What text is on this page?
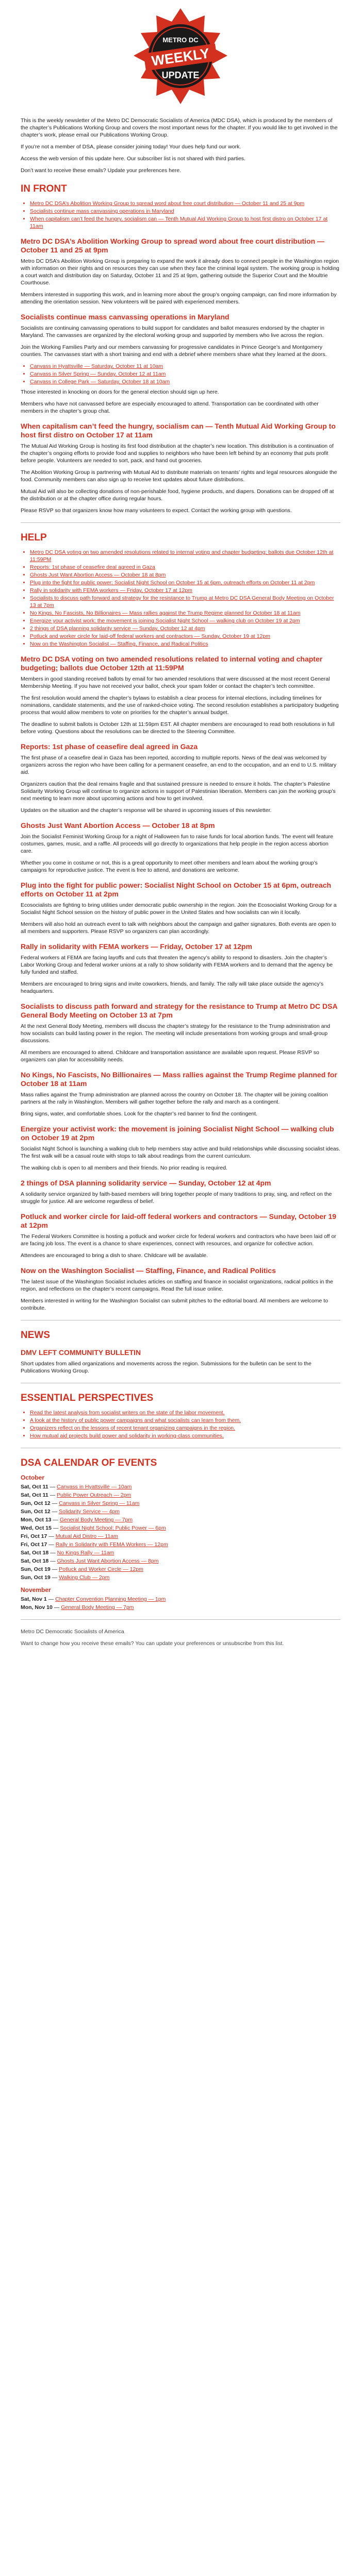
METRO DC
WEEKLY
UPDATE

This is the weekly newsletter of the Metro DC Democratic Socialists of America (MDC DSA), which is produced by the members of the chapter’s Publications Working Group and covers the most important news for the chapter. If you would like to get involved in the chapter’s work, please email our Publications Working Group.

If you’re not a member of DSA, please consider joining today! Your dues help fund our work.

Access the web version of this update here. Our subscriber list is not shared with third parties.

Don’t want to receive these emails? Update your preferences here.

IN FRONT
• Metro DC DSA’s Abolition Working Group to spread word about free court distribution — October 11 and 25 at 9pm
• Socialists continue mass canvassing operations in Maryland
• When capitalism can’t feed the hungry, socialism can — Tenth Mutual Aid Working Group to host first distro on October 17 at 11am
Metro DC DSA’s Abolition Working Group to spread word about free court distribution — October 11 and 25 at 9pm

Metro DC DSA’s Abolition Working Group is preparing to expand the work it already does to connect people in the Washington region with information on their rights and on resources they can use when they face the criminal legal system. The working group is holding a court watch and distribution day on Saturday, October 11 and 25 at 9pm, gathering outside the Superior Court and the Moultrie Courthouse.

Members interested in supporting this work, and in learning more about the group’s ongoing campaign, can find more information by attending the orientation session. New volunteers will be paired with experienced members.

Socialists continue mass canvassing operations in Maryland

Socialists are continuing canvassing operations to build support for candidates and ballot measures endorsed by the chapter in Maryland. The canvasses are organized by the electoral working group and supported by members who live across the region.

Join the Working Families Party and our members canvassing for progressive candidates in Prince George’s and Montgomery counties. The canvasses start with a short training and end with a debrief where members share what they learned at the doors.

• Canvass in Hyattsville — Saturday, October 11 at 10am
• Canvass in Silver Spring — Sunday, October 12 at 11am
• Canvass in College Park — Saturday, October 18 at 10am

Those interested in knocking on doors for the general election should sign up here.

Members who have not canvassed before are especially encouraged to attend. Transportation can be coordinated with other members in the chapter’s group chat.

When capitalism can’t feed the hungry, socialism can — Tenth Mutual Aid Working Group to host first distro on October 17 at 11am

The Mutual Aid Working Group is hosting its first food distribution at the chapter’s new location. This distribution is a continuation of the chapter’s ongoing efforts to provide food and supplies to neighbors who have been left behind by an economy that puts profit before people. Volunteers are needed to sort, pack, and hand out groceries.

The Abolition Working Group is partnering with Mutual Aid to distribute materials on tenants’ rights and legal resources alongside the food. Community members can also sign up to receive text updates about future distributions.

Mutual Aid will also be collecting donations of non-perishable food, hygiene products, and diapers. Donations can be dropped off at the distribution or at the chapter office during regular hours.

Please RSVP so that organizers know how many volunteers to expect. Contact the working group with questions.

HELP
• Metro DC DSA voting on two amended resolutions related to internal voting and chapter budgeting; ballots due October 12th at 11:59PM
• Reports: 1st phase of ceasefire deal agreed in Gaza
• Ghosts Just Want Abortion Access — October 18 at 8pm
• Plug into the fight for public power: Socialist Night School on October 15 at 6pm, outreach efforts on October 11 at 2pm
• Rally in solidarity with FEMA workers — Friday, October 17 at 12pm
• Socialists to discuss path forward and strategy for the resistance to Trump at Metro DC DSA General Body Meeting on October 13 at 7pm
• No Kings, No Fascists, No Billionaires — Mass rallies against the Trump Regime planned for October 18 at 11am
• Energize your activist work: the movement is joining Socialist Night School — walking club on October 19 at 2pm
• 2 things of DSA planning solidarity service — Sunday, October 12 at 4pm
• Potluck and worker circle for laid-off federal workers and contractors — Sunday, October 19 at 12pm
• Now on the Washington Socialist — Staffing, Finance, and Radical Politics
Metro DC DSA voting on two amended resolutions related to internal voting and chapter budgeting; ballots due October 12th at 11:59PM

Members in good standing received ballots by email for two amended resolutions that were discussed at the most recent General Membership Meeting. If you have not received your ballot, check your spam folder or contact the chapter’s tech committee.

The first resolution would amend the chapter’s bylaws to establish a clear process for internal elections, including timelines for nominations, candidate statements, and the use of ranked-choice voting. The second resolution establishes a participatory budgeting process that would allow members to vote on priorities for the chapter’s annual budget.

The deadline to submit ballots is October 12th at 11:59pm EST. All chapter members are encouraged to read both resolutions in full before voting. Questions about the resolutions can be directed to the Steering Committee.

Reports: 1st phase of ceasefire deal agreed in Gaza

The first phase of a ceasefire deal in Gaza has been reported, according to multiple reports. News of the deal was welcomed by organizers across the region who have been calling for a permanent ceasefire, an end to the occupation, and an end to U.S. military aid.

Organizers caution that the deal remains fragile and that sustained pressure is needed to ensure it holds. The chapter’s Palestine Solidarity Working Group will continue to organize actions in support of Palestinian liberation. Members can join the working group’s next meeting to learn more about upcoming actions and how to get involved.

Updates on the situation and the chapter’s response will be shared in upcoming issues of this newsletter.

Ghosts Just Want Abortion Access — October 18 at 8pm

Join the Socialist Feminist Working Group for a night of Halloween fun to raise funds for local abortion funds. The event will feature costumes, games, music, and a raffle. All proceeds will go directly to organizations that help people in the region access abortion care.

Whether you come in costume or not, this is a great opportunity to meet other members and learn about the working group’s campaigns for reproductive justice. The event is free to attend, and donations are welcome.

Plug into the fight for public power: Socialist Night School on October 15 at 6pm, outreach efforts on October 11 at 2pm

Ecosocialists are fighting to bring utilities under democratic public ownership in the region. Join the Ecosocialist Working Group for a Socialist Night School session on the history of public power in the United States and how socialists can win it locally.

Members will also hold an outreach event to talk with neighbors about the campaign and gather signatures. Both events are open to all members and supporters. Please RSVP so organizers can plan accordingly.

Rally in solidarity with FEMA workers — Friday, October 17 at 12pm

Federal workers at FEMA are facing layoffs and cuts that threaten the agency’s ability to respond to disasters. Join the chapter’s Labor Working Group and federal worker unions at a rally to show solidarity with FEMA workers and to demand that the agency be fully funded and staffed.

Members are encouraged to bring signs and invite coworkers, friends, and family. The rally will take place outside the agency’s headquarters.

Socialists to discuss path forward and strategy for the resistance to Trump at Metro DC DSA General Body Meeting on October 13 at 7pm

At the next General Body Meeting, members will discuss the chapter’s strategy for the resistance to the Trump administration and how socialists can build lasting power in the region. The meeting will include presentations from working groups and small-group discussions.

All members are encouraged to attend. Childcare and transportation assistance are available upon request. Please RSVP so organizers can plan for accessibility needs.

No Kings, No Fascists, No Billionaires — Mass rallies against the Trump Regime planned for October 18 at 11am

Mass rallies against the Trump administration are planned across the country on October 18. The chapter will be joining coalition partners at the rally in Washington. Members will gather together before the rally and march as a contingent.

Bring signs, water, and comfortable shoes. Look for the chapter’s red banner to find the contingent.

Energize your activist work: the movement is joining Socialist Night School — walking club on October 19 at 2pm

Socialist Night School is launching a walking club to help members stay active and build relationships while discussing socialist ideas. The first walk will be a casual route with stops to talk about readings from the current curriculum.

The walking club is open to all members and their friends. No prior reading is required.

2 things of DSA planning solidarity service — Sunday, October 12 at 4pm

A solidarity service organized by faith-based members will bring together people of many traditions to pray, sing, and reflect on the struggle for justice. All are welcome regardless of belief.

Potluck and worker circle for laid-off federal workers and contractors — Sunday, October 19 at 12pm

The Federal Workers Committee is hosting a potluck and worker circle for federal workers and contractors who have been laid off or are facing job loss. The event is a chance to share experiences, connect with resources, and organize for collective action.

Attendees are encouraged to bring a dish to share. Childcare will be available.

Now on the Washington Socialist — Staffing, Finance, and Radical Politics

The latest issue of the Washington Socialist includes articles on staffing and finance in socialist organizations, radical politics in the region, and reflections on the chapter’s recent campaigns. Read the full issue online.

Members interested in writing for the Washington Socialist can submit pitches to the editorial board. All members are welcome to contribute.

NEWS
DMV LEFT COMMUNITY BULLETIN

Short updates from allied organizations and movements across the region. Submissions for the bulletin can be sent to the Publications Working Group.

ESSENTIAL PERSPECTIVES
• Read the latest analysis from socialist writers on the state of the labor movement.
• A look at the history of public power campaigns and what socialists can learn from them.
• Organizers reflect on the lessons of recent tenant organizing campaigns in the region.
• How mutual aid projects build power and solidarity in working-class communities.
DSA CALENDAR OF EVENTS
October
Sat, Oct 11 — Canvass in Hyattsville — 10am
Sat, Oct 11 — Public Power Outreach — 2pm
Sun, Oct 12 — Canvass in Silver Spring — 11am
Sun, Oct 12 — Solidarity Service — 4pm
Mon, Oct 13 — General Body Meeting — 7pm
Wed, Oct 15 — Socialist Night School: Public Power — 6pm
Fri, Oct 17 — Mutual Aid Distro — 11am
Fri, Oct 17 — Rally in Solidarity with FEMA Workers — 12pm
Sat, Oct 18 — No Kings Rally — 11am
Sat, Oct 18 — Ghosts Just Want Abortion Access — 8pm
Sun, Oct 19 — Potluck and Worker Circle — 12pm
Sun, Oct 19 — Walking Club — 2pm
November
Sat, Nov 1 — Chapter Convention Planning Meeting — 1pm
Mon, Nov 10 — General Body Meeting — 7pm

Metro DC Democratic Socialists of America

Want to change how you receive these emails? You can update your preferences or unsubscribe from this list.
